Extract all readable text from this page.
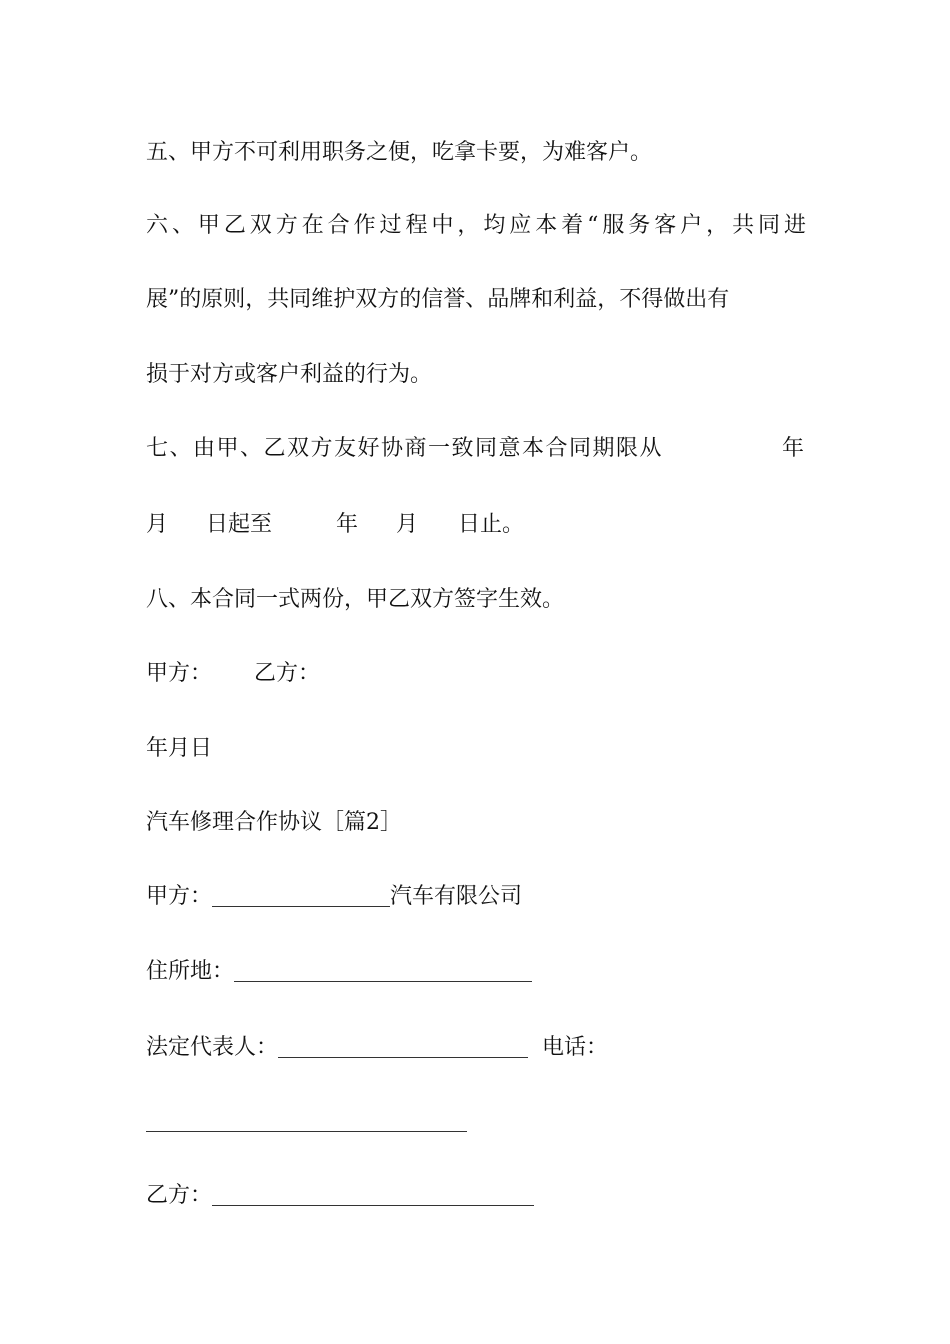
五、甲方不可利用职务之便，吃拿卡要，为难客户。
六、甲乙双方在合作过程中，均应本着“服务客户，共同进
展”的原则，共同维护双方的信誉、品牌和利益，不得做出有
损于对方或客户利益的行为。
七、由甲、乙双方友好协商一致同意本合同期限从	年
月 日起至	年 月 日止。
八、本合同一式两份，甲乙双方签字生效。
甲方： 乙方：
年月日
汽车修理合作协议［篇2］
甲方：	汽车有限公司
住所地：
法定代表人：	电话：
乙方：
